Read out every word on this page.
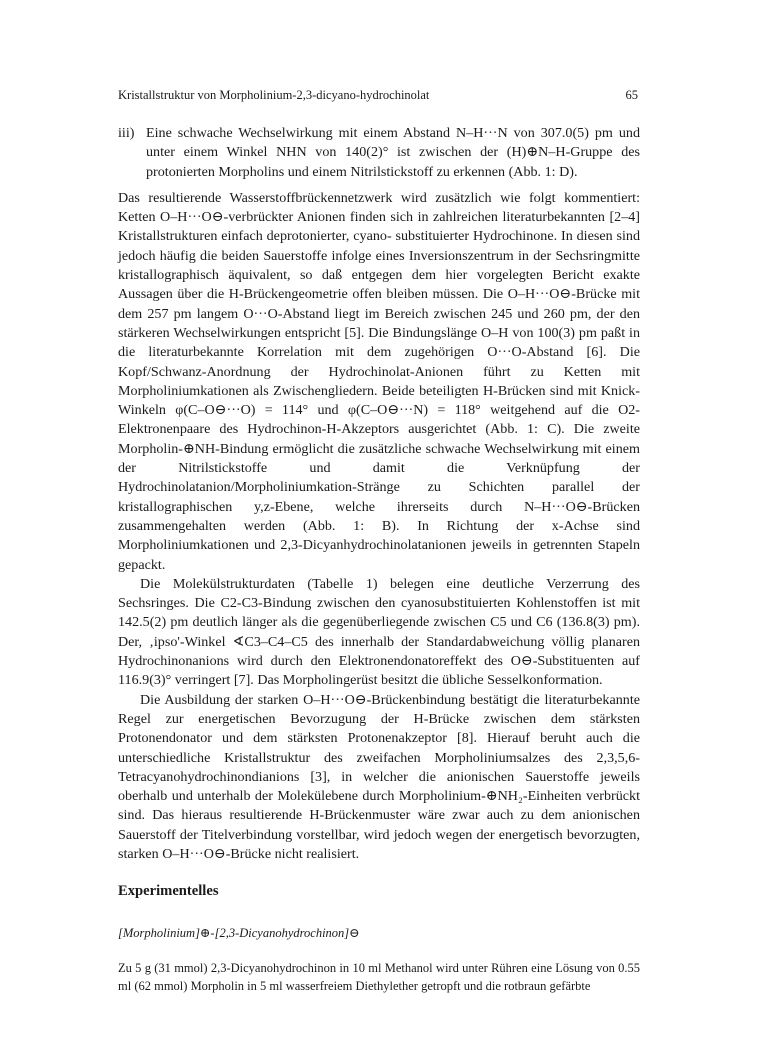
Kristallstruktur von Morpholinium-2,3-dicyano-hydrochinolat	65
iii) Eine schwache Wechselwirkung mit einem Abstand N–H···N von 307.0(5) pm und unter einem Winkel NHN von 140(2)° ist zwischen der (H)⊕N–H-Gruppe des protonierten Morpholins und einem Nitrilstickstoff zu erkennen (Abb. 1: D).

Das resultierende Wasserstoffbrückennetzwerk wird zusätzlich wie folgt kommentiert: Ketten O–H···O⊖-verbrückter Anionen finden sich in zahlreichen literaturbekannten [2–4] Kristallstrukturen einfach deprotonierter, cyano- substituierter Hydrochinone. In diesen sind jedoch häufig die beiden Sauerstoffe infolge eines Inversionszentrum in der Sechsringmitte kristallographisch äquivalent, so daß entgegen dem hier vorgelegten Bericht exakte Aussagen über die H-Brückengeometrie offen bleiben müssen. Die O–H···O⊖-Brücke mit dem 257 pm langem O···O-Abstand liegt im Bereich zwischen 245 und 260 pm, der den stärkeren Wechselwirkungen entspricht [5]. Die Bindungslänge O–H von 100(3) pm paßt in die literaturbekannte Korrelation mit dem zugehörigen O···O-Abstand [6]. Die Kopf/Schwanz-Anordnung der Hydrochinolat-Anionen führt zu Ketten mit Morpholiniumkationen als Zwischengliedern. Beide beteiligten H-Brücken sind mit Knick-Winkeln φ(C–O⊖···O) = 114° und φ(C–O⊖···N) = 118° weitgehend auf die O2-Elektronenpaare des Hydrochinon-H-Akzeptors ausgerichtet (Abb. 1: C). Die zweite Morpholin-⊕NH-Bindung ermöglicht die zusätzliche schwache Wechselwirkung mit einem der Nitrilstickstoffe und damit die Verknüpfung der Hydrochinolatanion/Morpholiniumkation-Stränge zu Schichten parallel der kristallographischen y,z-Ebene, welche ihrerseits durch N–H···O⊖-Brücken zusammengehalten werden (Abb. 1: B). In Richtung der x-Achse sind Morpholiniumkationen und 2,3-Dicyanhydrochinolatanionen jeweils in getrennten Stapeln gepackt.

Die Molekülstrukturdaten (Tabelle 1) belegen eine deutliche Verzerrung des Sechsringes. Die C2-C3-Bindung zwischen den cyanosubstituierten Kohlenstoffen ist mit 142.5(2) pm deutlich länger als die gegenüberliegende zwischen C5 und C6 (136.8(3) pm). Der, ‚ipso'-Winkel ∢C3–C4–C5 des innerhalb der Standardabweichung völlig planaren Hydrochinonanions wird durch den Elektronendonatoreffekt des O⊖-Substituenten auf 116.9(3)° verringert [7]. Das Morpholingerüst besitzt die übliche Sesselkonformation.

Die Ausbildung der starken O–H···O⊖-Brückenbindung bestätigt die literaturbekannte Regel zur energetischen Bevorzugung der H-Brücke zwischen dem stärksten Protonendonator und dem stärksten Protonenakzeptor [8]. Hierauf beruht auch die unterschiedliche Kristallstruktur des zweifachen Morpholiniumsalzes des 2,3,5,6-Tetracyanohydrochinondianions [3], in welcher die anionischen Sauerstoffe jeweils oberhalb und unterhalb der Molekülebene durch Morpholinium-⊕NH₂-Einheiten verbrückt sind. Das hieraus resultierende H-Brückenmuster wäre zwar auch zu dem anionischen Sauerstoff der Titelverbindung vorstellbar, wird jedoch wegen der energetisch bevorzugten, starken O–H···O⊖-Brücke nicht realisiert.

Experimentelles

[Morpholinium]⊕-[2,3-Dicyanohydrochinon]⊖

Zu 5 g (31 mmol) 2,3-Dicyanohydrochinon in 10 ml Methanol wird unter Rühren eine Lösung von 0.55 ml (62 mmol) Morpholin in 5 ml wasserfreiem Diethylether getropft und die rotbraun gefärbte
